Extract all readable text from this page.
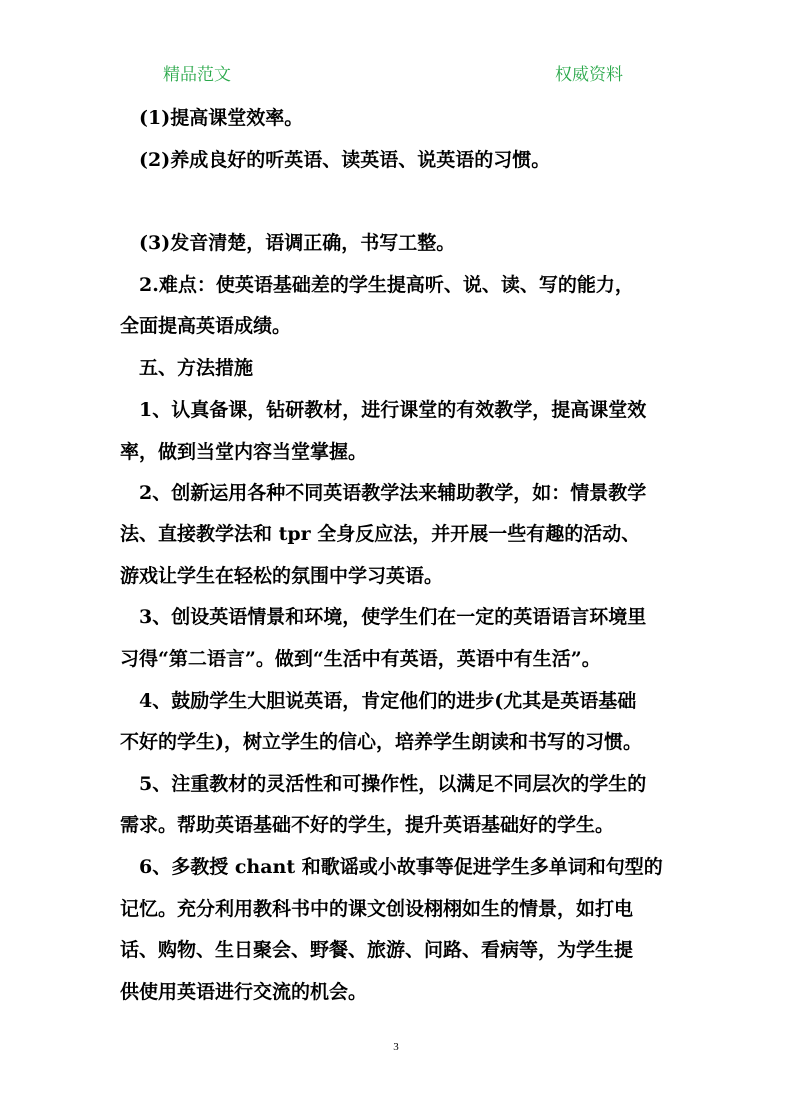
精品范文	权威资料
　(1)提高课堂效率。
　(2)养成良好的听英语、读英语、说英语的习惯。
　(3)发音清楚，语调正确，书写工整。
　2.难点：使英语基础差的学生提高听、说、读、写的能力，
全面提高英语成绩。
　五、方法措施
　1、认真备课，钻研教材，进行课堂的有效教学，提高课堂效
率，做到当堂内容当堂掌握。
　2、创新运用各种不同英语教学法来辅助教学，如：情景教学
法、直接教学法和 tpr 全身反应法，并开展一些有趣的活动、
游戏让学生在轻松的氛围中学习英语。
　3、创设英语情景和环境，使学生们在一定的英语语言环境里
习得“第二语言”。做到“生活中有英语，英语中有生活”。
　4、鼓励学生大胆说英语，肯定他们的进步(尤其是英语基础
不好的学生)，树立学生的信心，培养学生朗读和书写的习惯。
　5、注重教材的灵活性和可操作性，以满足不同层次的学生的
需求。帮助英语基础不好的学生，提升英语基础好的学生。
　6、多教授 chant 和歌谣或小故事等促进学生多单词和句型的
记忆。充分利用教科书中的课文创设栩栩如生的情景，如打电
话、购物、生日聚会、野餐、旅游、问路、看病等，为学生提
供使用英语进行交流的机会。
3
